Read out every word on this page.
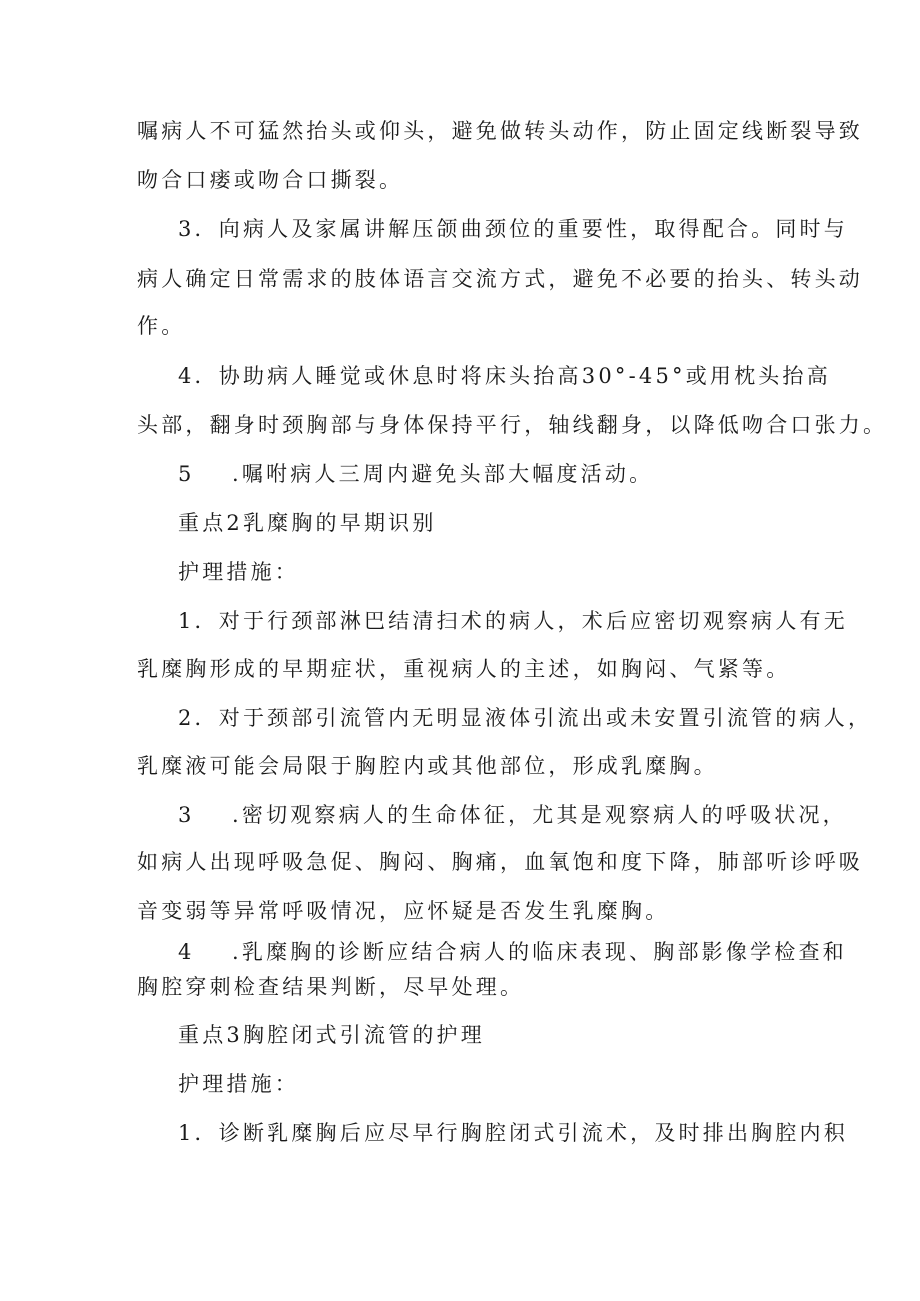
嘱病人不可猛然抬头或仰头，避免做转头动作，防止固定线断裂导致
吻合口瘘或吻合口撕裂。
3．向病人及家属讲解压颌曲颈位的重要性，取得配合。同时与
病人确定日常需求的肢体语言交流方式，避免不必要的抬头、转头动
作。
4．协助病人睡觉或休息时将床头抬高30°-45°或用枕头抬高
头部，翻身时颈胸部与身体保持平行，轴线翻身，以降低吻合口张力。
5 .嘱咐病人三周内避免头部大幅度活动。
重点2乳糜胸的早期识别
护理措施：
1．对于行颈部淋巴结清扫术的病人，术后应密切观察病人有无
乳糜胸形成的早期症状，重视病人的主述，如胸闷、气紧等。
2．对于颈部引流管内无明显液体引流出或未安置引流管的病人，
乳糜液可能会局限于胸腔内或其他部位，形成乳糜胸。
3 .密切观察病人的生命体征，尤其是观察病人的呼吸状况，
如病人出现呼吸急促、胸闷、胸痛，血氧饱和度下降，肺部听诊呼吸
音变弱等异常呼吸情况，应怀疑是否发生乳糜胸。
4 .乳糜胸的诊断应结合病人的临床表现、胸部影像学检查和
胸腔穿刺检查结果判断，尽早处理。
重点3胸腔闭式引流管的护理
护理措施：
1．诊断乳糜胸后应尽早行胸腔闭式引流术，及时排出胸腔内积
